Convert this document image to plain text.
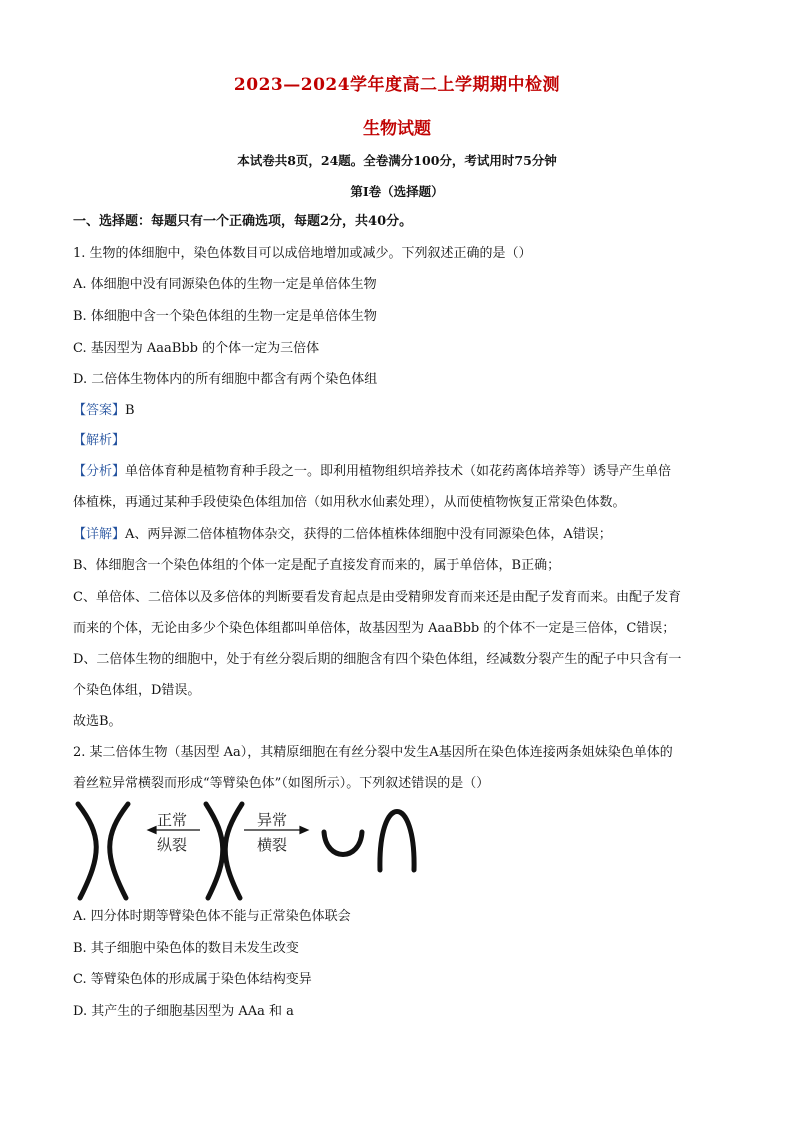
2023—2024学年度高二上学期期中检测
生物试题
本试卷共8页，24题。全卷满分100分，考试用时75分钟
第Ⅰ卷（选择题）
一、选择题：每题只有一个正确选项，每题2分，共40分。
1. 生物的体细胞中，染色体数目可以成倍地增加或减少。下列叙述正确的是（）
A. 体细胞中没有同源染色体的生物一定是单倍体生物
B. 体细胞中含一个染色体组的生物一定是单倍体生物
C. 基因型为 AaaBbb 的个体一定为三倍体
D. 二倍体生物体内的所有细胞中都含有两个染色体组
【答案】B
【解析】
【分析】单倍体育种是植物育种手段之一。即利用植物组织培养技术（如花药离体培养等）诱导产生单倍
体植株，再通过某种手段使染色体组加倍（如用秋水仙素处理），从而使植物恢复正常染色体数。
【详解】A、两异源二倍体植物体杂交，获得的二倍体植株体细胞中没有同源染色体，A错误；
B、体细胞含一个染色体组的个体一定是配子直接发育而来的，属于单倍体，B正确；
C、单倍体、二倍体以及多倍体的判断要看发育起点是由受精卵发育而来还是由配子发育而来。由配子发育
而来的个体，无论由多少个染色体组都叫单倍体，故基因型为 AaaBbb 的个体不一定是三倍体，C错误；
D、二倍体生物的细胞中，处于有丝分裂后期的细胞含有四个染色体组，经减数分裂产生的配子中只含有一
个染色体组，D错误。
故选B。
2. 某二倍体生物（基因型 Aa），其精原细胞在有丝分裂中发生A基因所在染色体连接两条姐妹染色单体的
着丝粒异常横裂而形成“等臂染色体”（如图所示）。下列叙述错误的是（）
正常
纵裂
异常
横裂
A. 四分体时期等臂染色体不能与正常染色体联会
B. 其子细胞中染色体的数目未发生改变
C. 等臂染色体的形成属于染色体结构变异
D. 其产生的子细胞基因型为 AAa 和 a
